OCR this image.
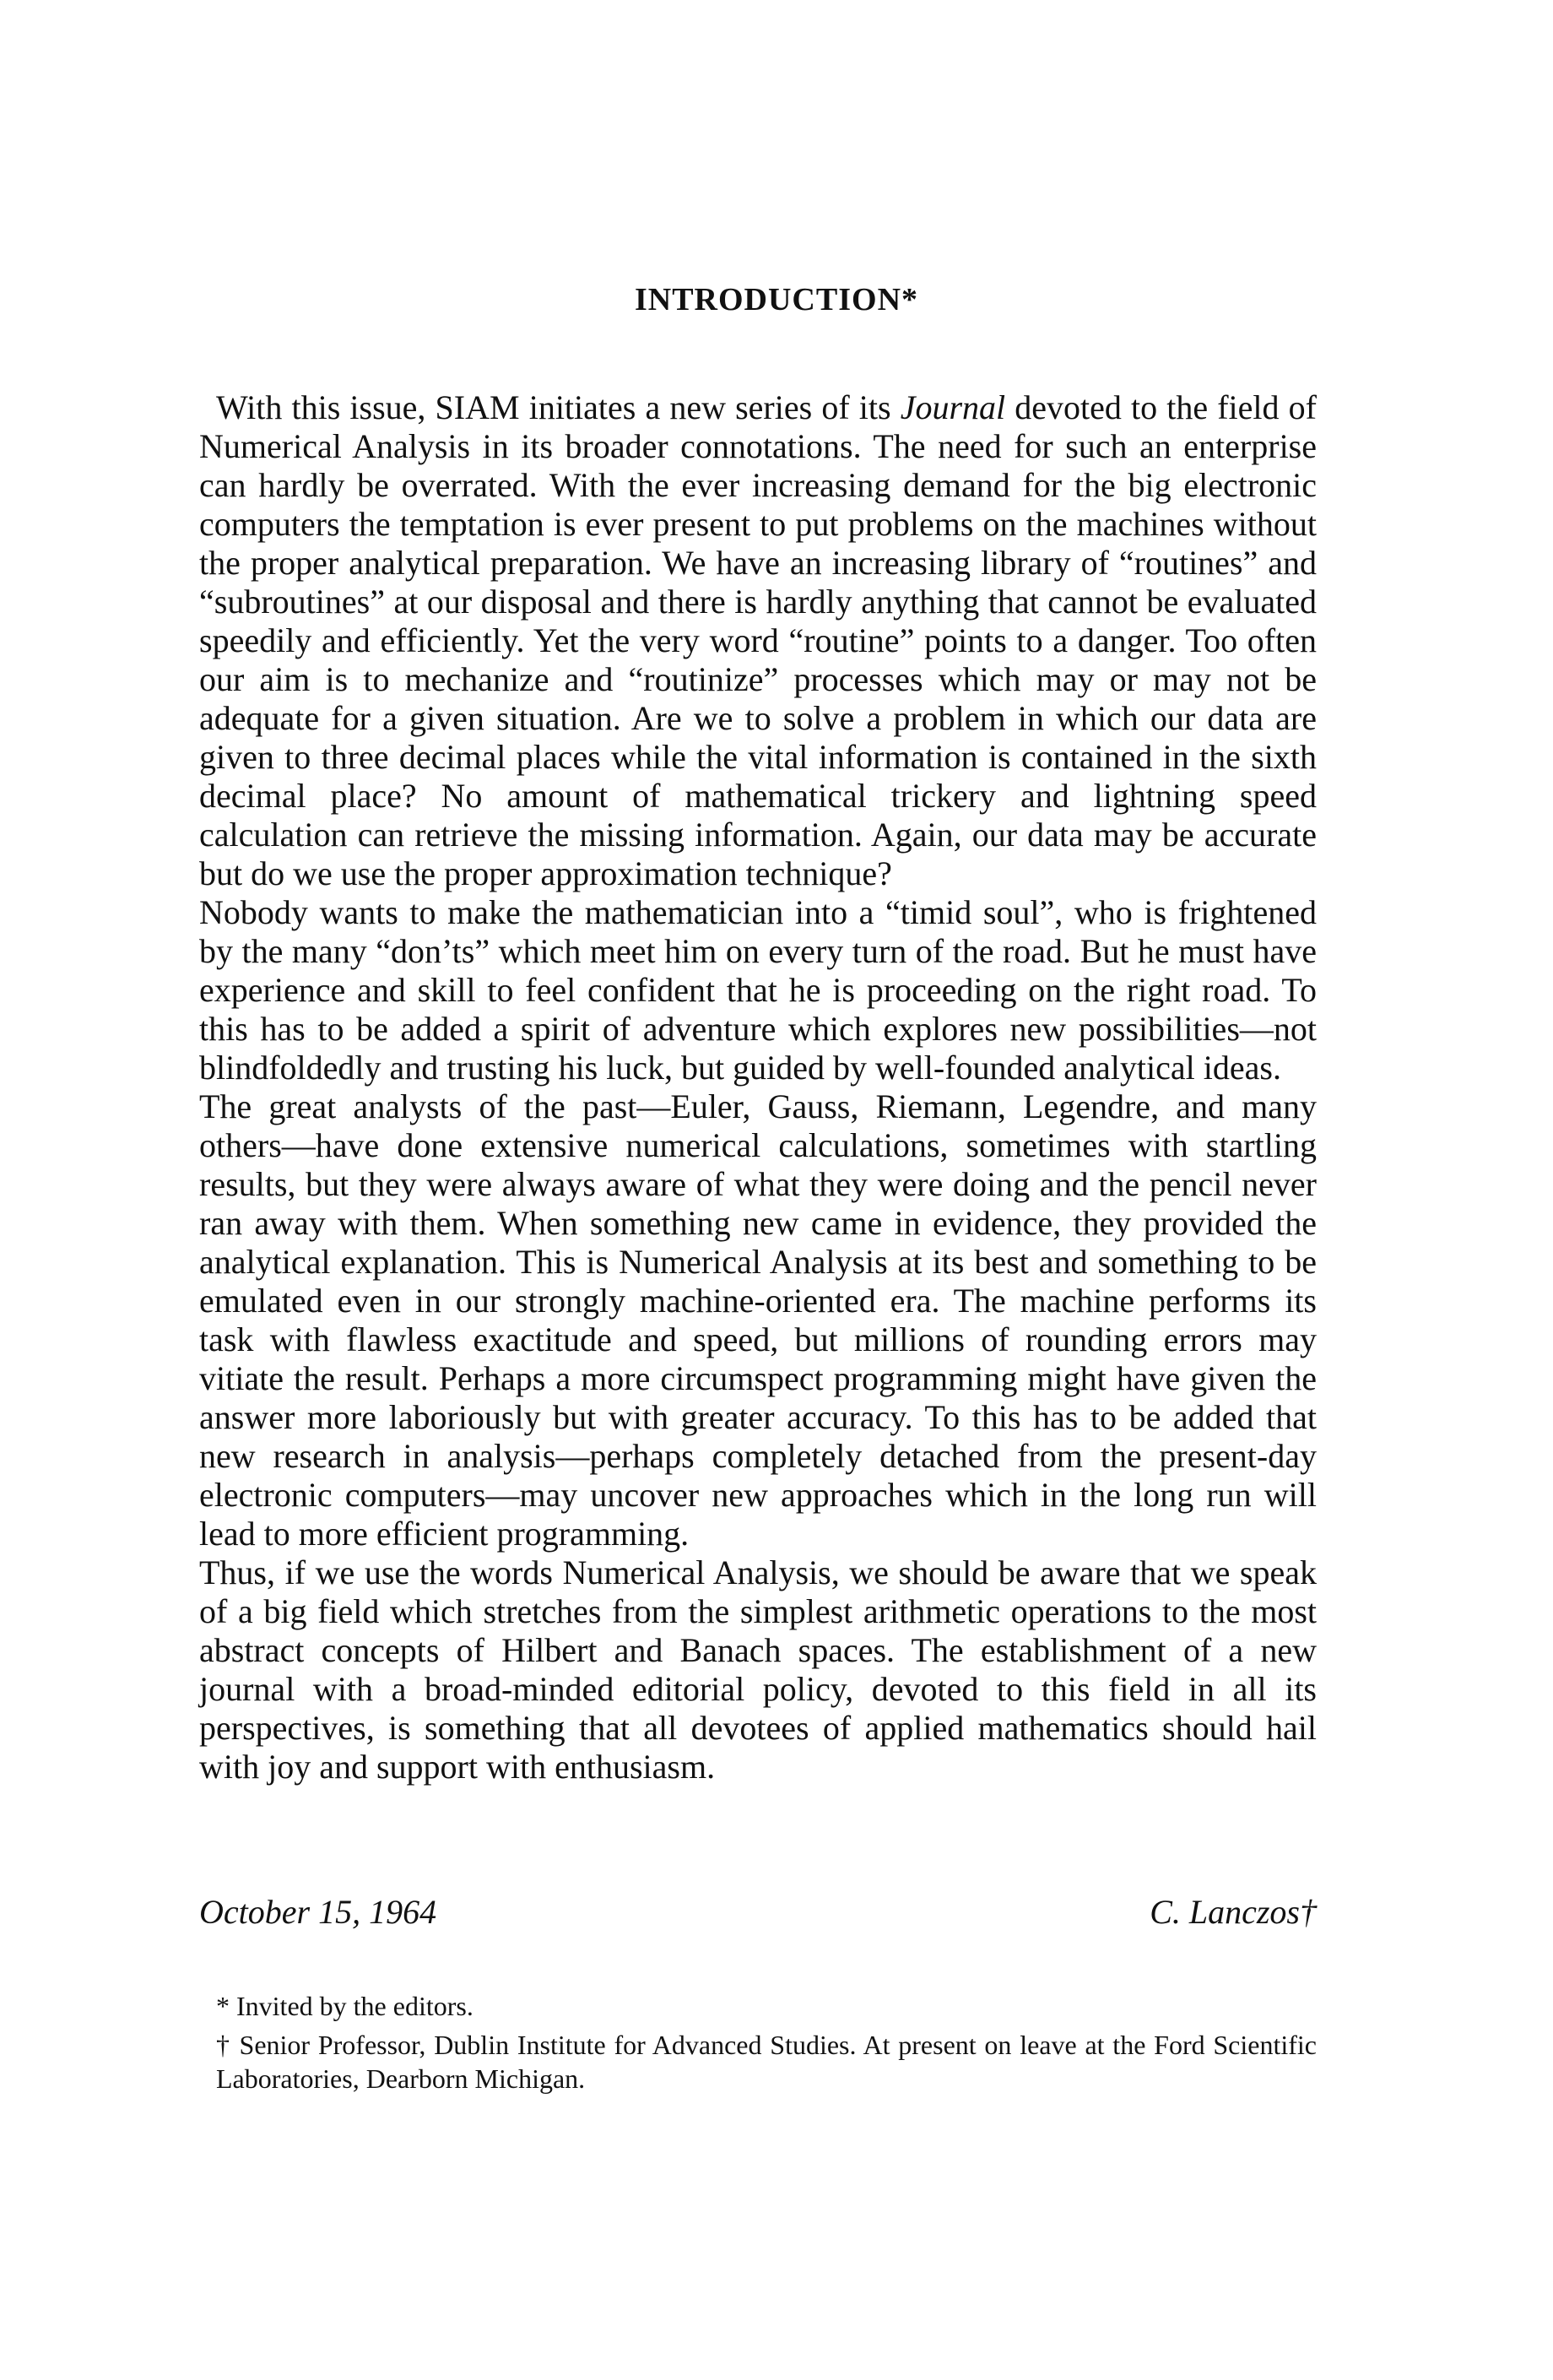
INTRODUCTION*

With this issue, SIAM initiates a new series of its Journal devoted to the field of Numerical Analysis in its broader connotations. The need for such an enterprise can hardly be overrated. With the ever increasing demand for the big electronic computers the temptation is ever present to put problems on the machines without the proper analytical preparation. We have an increasing library of “routines” and “subroutines” at our disposal and there is hardly anything that cannot be evaluated speedily and efficiently. Yet the very word “routine” points to a danger. Too often our aim is to mechanize and “routinize” processes which may or may not be adequate for a given situation. Are we to solve a problem in which our data are given to three decimal places while the vital information is contained in the sixth decimal place? No amount of mathematical trickery and lightning speed calculation can retrieve the missing information. Again, our data may be accurate but do we use the proper approximation technique?

Nobody wants to make the mathematician into a “timid soul”, who is frightened by the many “don’ts” which meet him on every turn of the road. But he must have experience and skill to feel confident that he is proceeding on the right road. To this has to be added a spirit of adventure which explores new possibilities—not blindfoldedly and trusting his luck, but guided by well-founded analytical ideas.

The great analysts of the past—Euler, Gauss, Riemann, Legendre, and many others—have done extensive numerical calculations, sometimes with startling results, but they were always aware of what they were doing and the pencil never ran away with them. When something new came in evidence, they provided the analytical explanation. This is Numerical Analysis at its best and something to be emulated even in our strongly machine-oriented era. The machine performs its task with flawless exactitude and speed, but millions of rounding errors may vitiate the result. Perhaps a more circumspect programming might have given the answer more laboriously but with greater accuracy. To this has to be added that new research in analysis—perhaps completely detached from the present-day electronic computers—may uncover new approaches which in the long run will lead to more efficient programming.

Thus, if we use the words Numerical Analysis, we should be aware that we speak of a big field which stretches from the simplest arithmetic operations to the most abstract concepts of Hilbert and Banach spaces. The establishment of a new journal with a broad-minded editorial policy, devoted to this field in all its perspectives, is something that all devotees of applied mathematics should hail with joy and support with enthusiasm.

October 15, 1964	C. Lanczos†

* Invited by the editors.

† Senior Professor, Dublin Institute for Advanced Studies. At present on leave at the Ford Scientific Laboratories, Dearborn Michigan.
